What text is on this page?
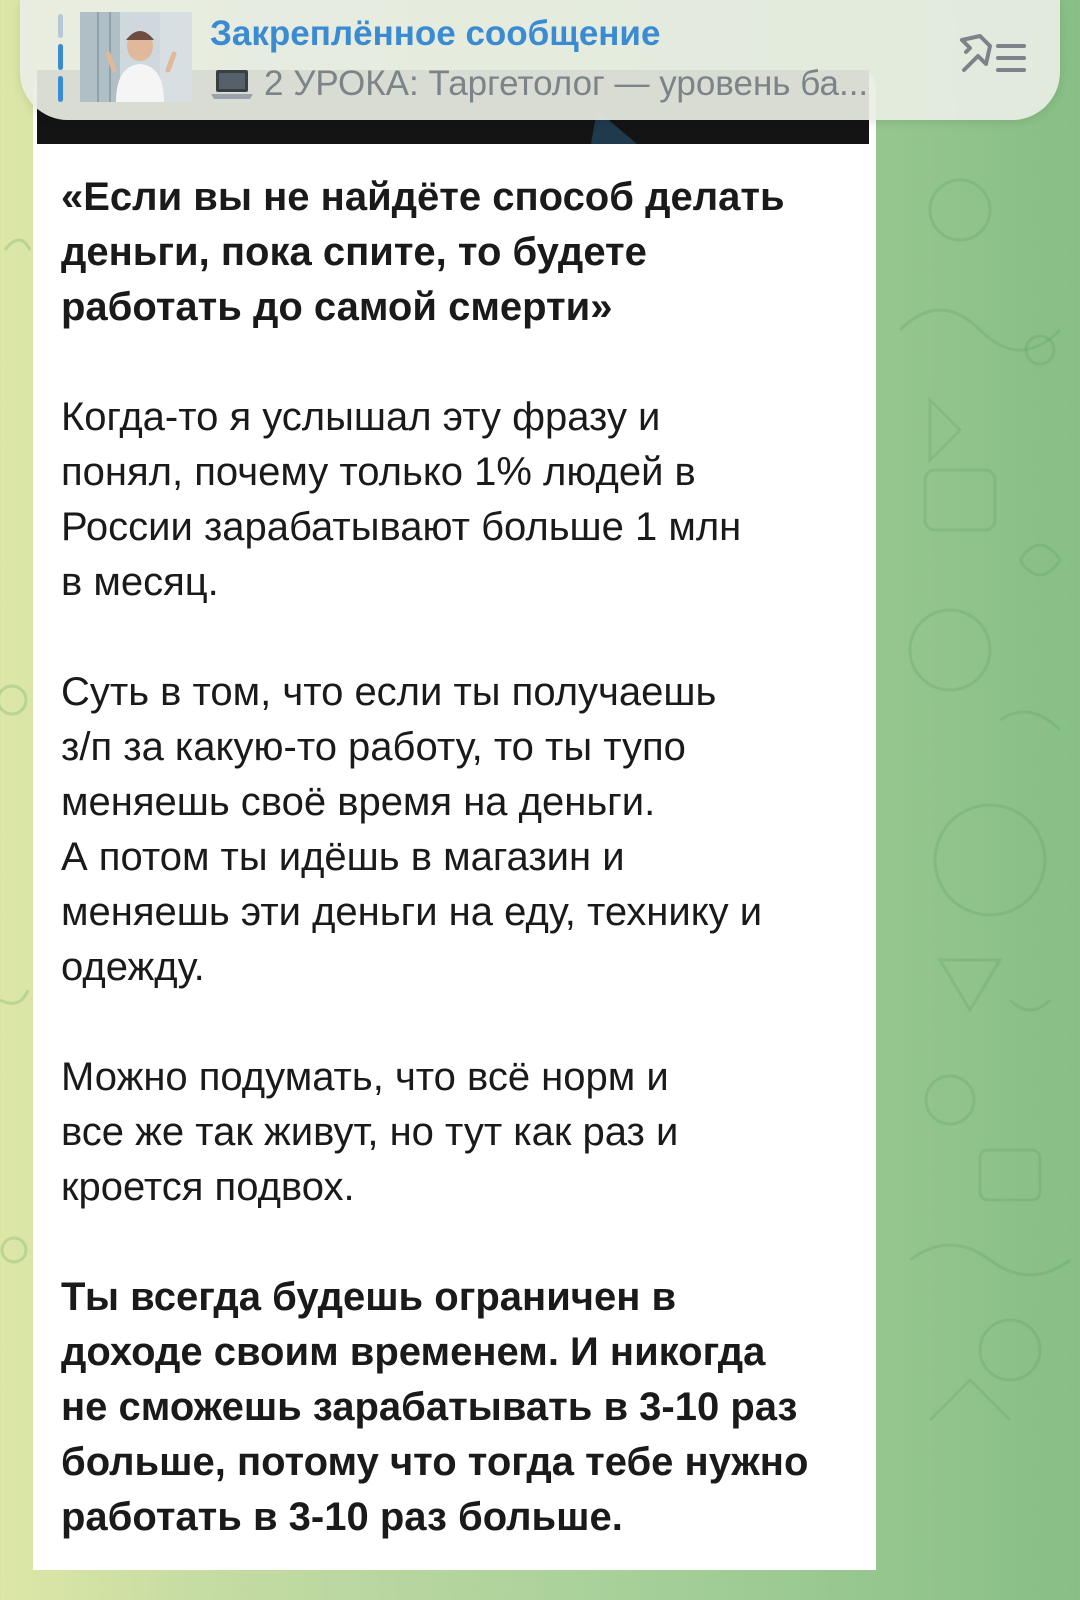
Закреплённое сообщение
2 УРОКА: Таргетолог — уровень ба...

«Если вы не найдёте способ делать
деньги, пока спите, то будете
работать до самой смерти»

Когда-то я услышал эту фразу и
понял, почему только 1% людей в
России зарабатывают больше 1 млн
в месяц.

Суть в том, что если ты получаешь
з/п за какую-то работу, то ты тупо
меняешь своё время на деньги.
А потом ты идёшь в магазин и
меняешь эти деньги на еду, технику и
одежду.

Можно подумать, что всё норм и
все же так живут, но тут как раз и
кроется подвох.

Ты всегда будешь ограничен в
доходе своим временем. И никогда
не сможешь зарабатывать в 3-10 раз
больше, потому что тогда тебе нужно
работать в 3-10 раз больше.
